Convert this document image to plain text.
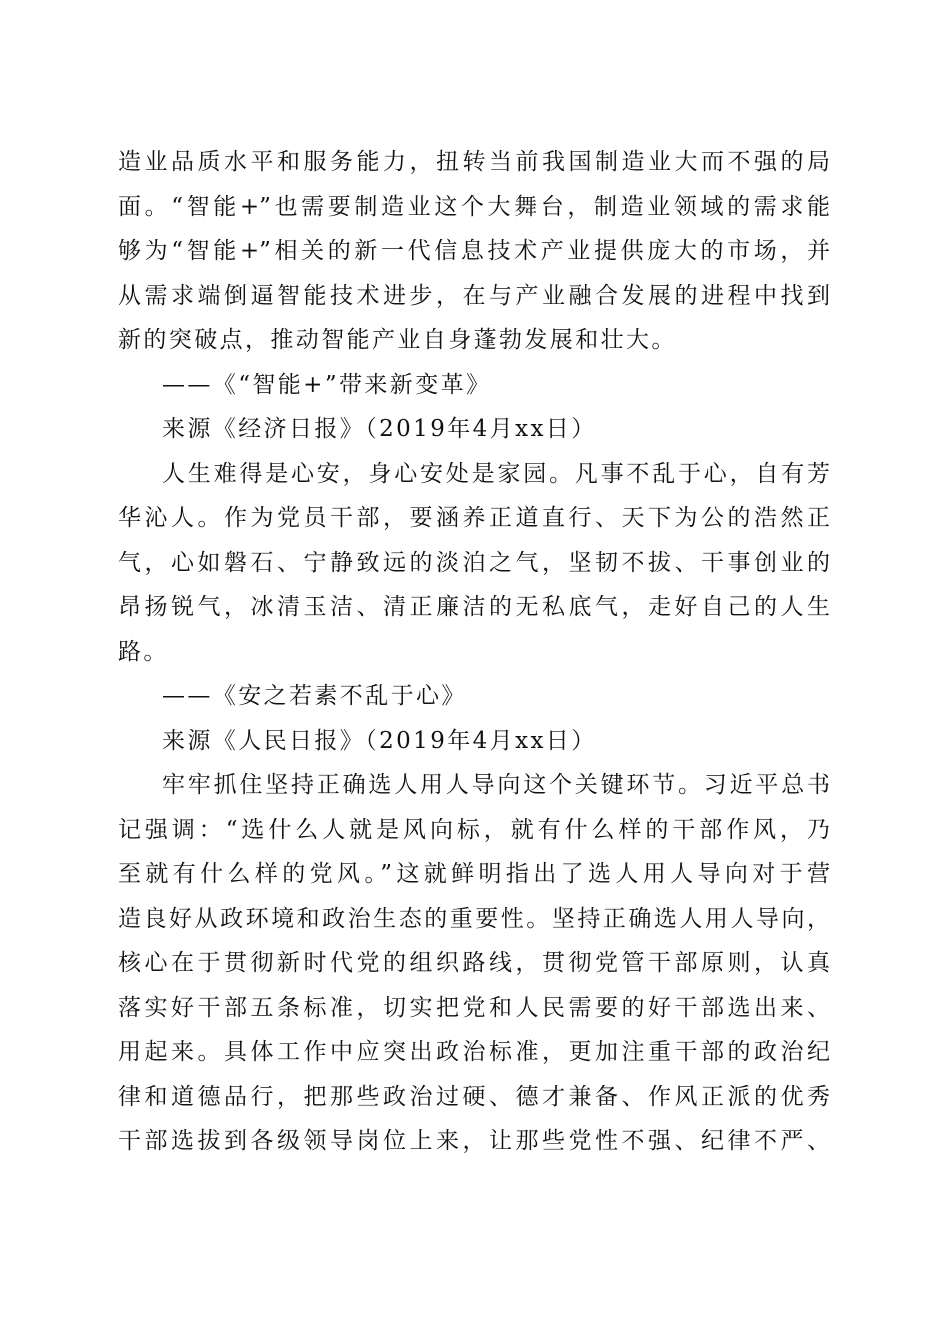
造业品质水平和服务能力，扭转当前我国制造业大而不强的局
面。“智能+”也需要制造业这个大舞台，制造业领域的需求能
够为“智能+”相关的新一代信息技术产业提供庞大的市场，并
从需求端倒逼智能技术进步，在与产业融合发展的进程中找到
新的突破点，推动智能产业自身蓬勃发展和壮大。
——《“智能+”带来新变革》
来源《经济日报》（2019年4月xx日）
人生难得是心安，身心安处是家园。凡事不乱于心，自有芳
华沁人。作为党员干部，要涵养正道直行、天下为公的浩然正
气，心如磐石、宁静致远的淡泊之气，坚韧不拔、干事创业的
昂扬锐气，冰清玉洁、清正廉洁的无私底气，走好自己的人生
路。
——《安之若素不乱于心》
来源《人民日报》（2019年4月xx日）
牢牢抓住坚持正确选人用人导向这个关键环节。习近平总书
记强调：“选什么人就是风向标，就有什么样的干部作风，乃
至就有什么样的党风。”这就鲜明指出了选人用人导向对于营
造良好从政环境和政治生态的重要性。坚持正确选人用人导向，
核心在于贯彻新时代党的组织路线，贯彻党管干部原则，认真
落实好干部五条标准，切实把党和人民需要的好干部选出来、
用起来。具体工作中应突出政治标准，更加注重干部的政治纪
律和道德品行，把那些政治过硬、德才兼备、作风正派的优秀
干部选拔到各级领导岗位上来，让那些党性不强、纪律不严、
